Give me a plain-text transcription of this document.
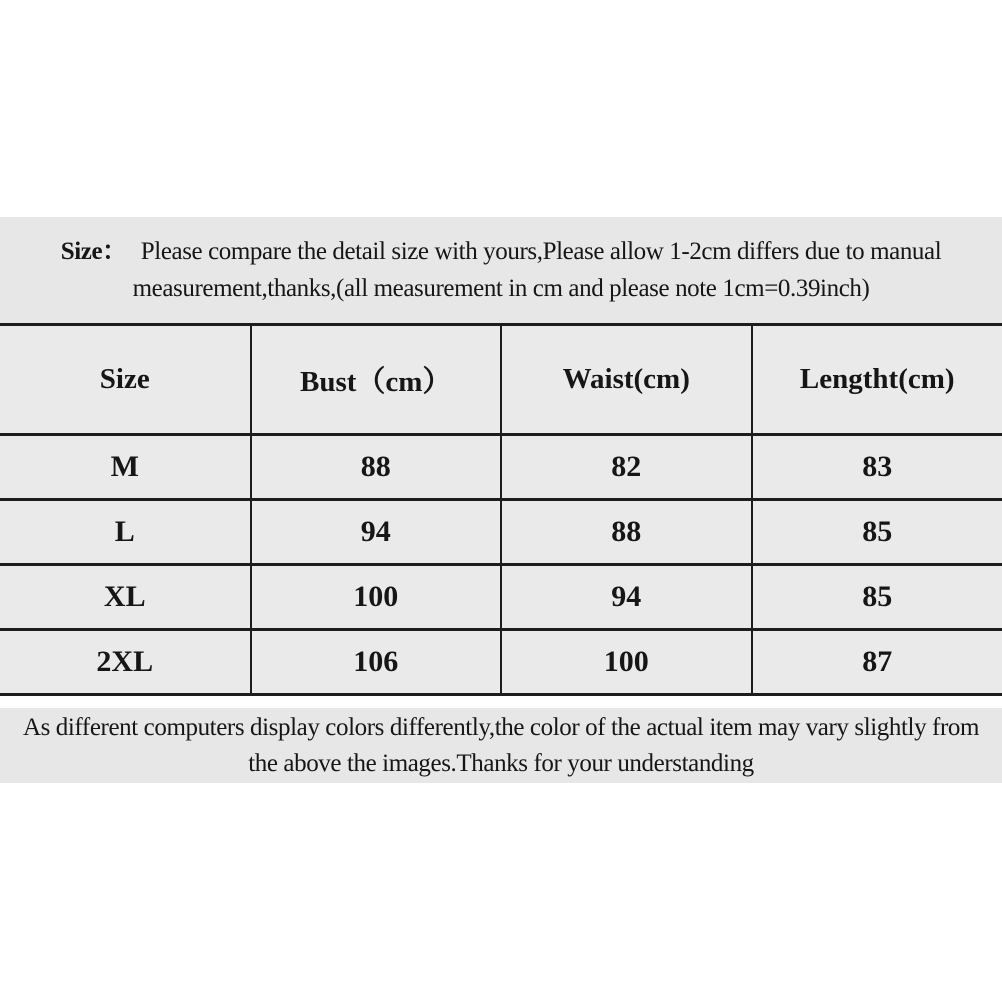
Size： Please compare the detail size with yours,Please allow 1-2cm differs due to manual
measurement,thanks,(all measurement in cm and please note 1cm=0.39inch)
Size	Bust（cm）	Waist(cm)	Lengtht(cm)
M	88	82	83
L	94	88	85
XL	100	94	85
2XL	106	100	87
As different computers display colors differently,the color of the actual item may vary slightly from
the above the images.Thanks for your understanding
